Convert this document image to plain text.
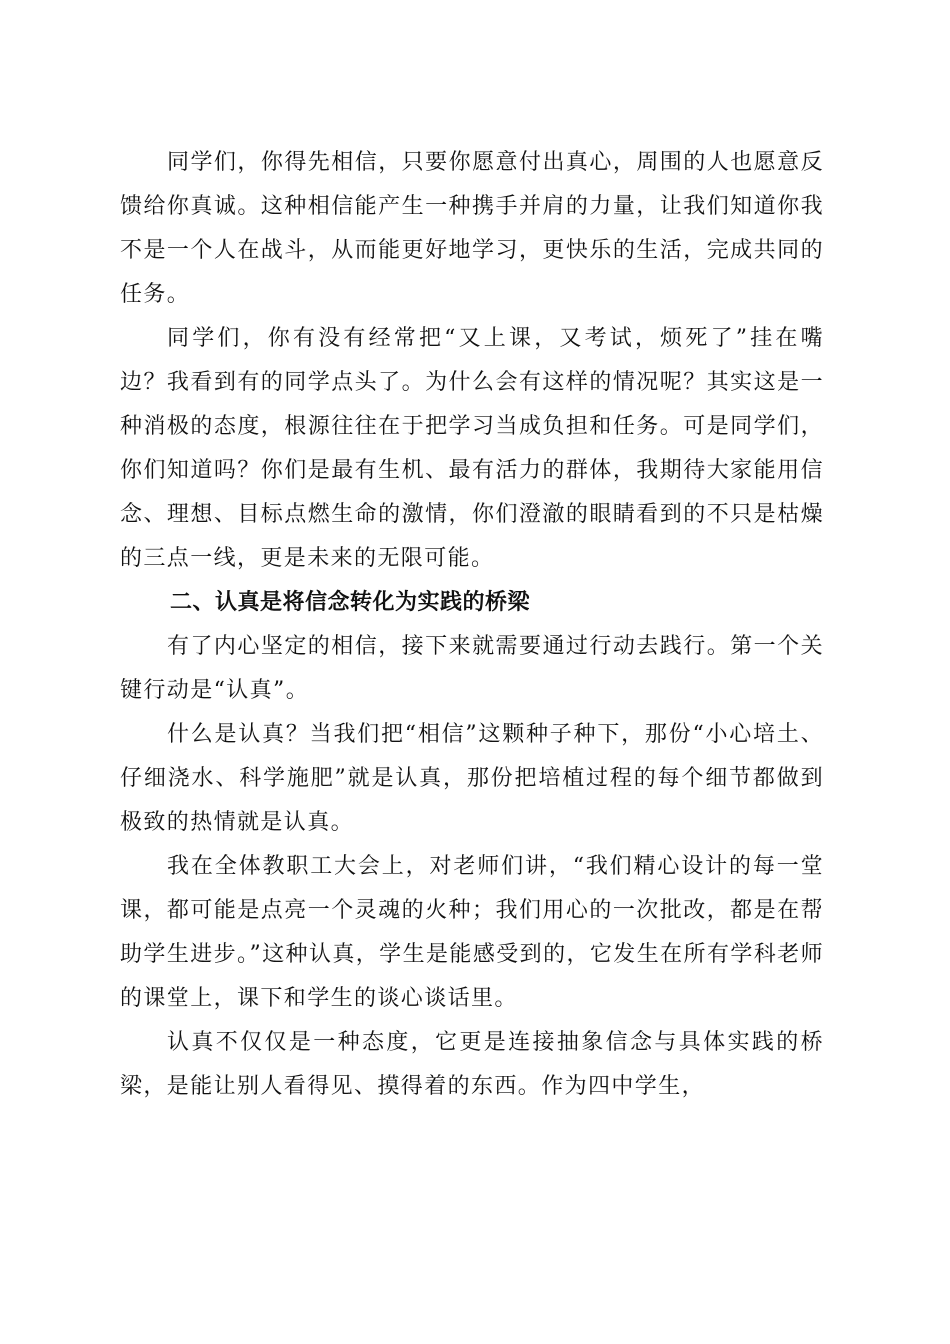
同学们，你得先相信，只要你愿意付出真心，周围的人也愿意反馈给你真诚。这种相信能产生一种携手并肩的力量，让我们知道你我不是一个人在战斗，从而能更好地学习，更快乐的生活，完成共同的任务。

同学们，你有没有经常把“又上课，又考试，烦死了”挂在嘴边？我看到有的同学点头了。为什么会有这样的情况呢？其实这是一种消极的态度，根源往往在于把学习当成负担和任务。可是同学们，你们知道吗？你们是最有生机、最有活力的群体，我期待大家能用信念、理想、目标点燃生命的激情，你们澄澈的眼睛看到的不只是枯燥的三点一线，更是未来的无限可能。

二、认真是将信念转化为实践的桥梁

有了内心坚定的相信，接下来就需要通过行动去践行。第一个关键行动是“认真”。

什么是认真？当我们把“相信”这颗种子种下，那份“小心培土、仔细浇水、科学施肥”就是认真，那份把培植过程的每个细节都做到极致的热情就是认真。

我在全体教职工大会上，对老师们讲，“我们精心设计的每一堂课，都可能是点亮一个灵魂的火种；我们用心的一次批改，都是在帮助学生进步。”这种认真，学生是能感受到的，它发生在所有学科老师的课堂上，课下和学生的谈心谈话里。

认真不仅仅是一种态度，它更是连接抽象信念与具体实践的桥梁，是能让别人看得见、摸得着的东西。作为四中学生，
